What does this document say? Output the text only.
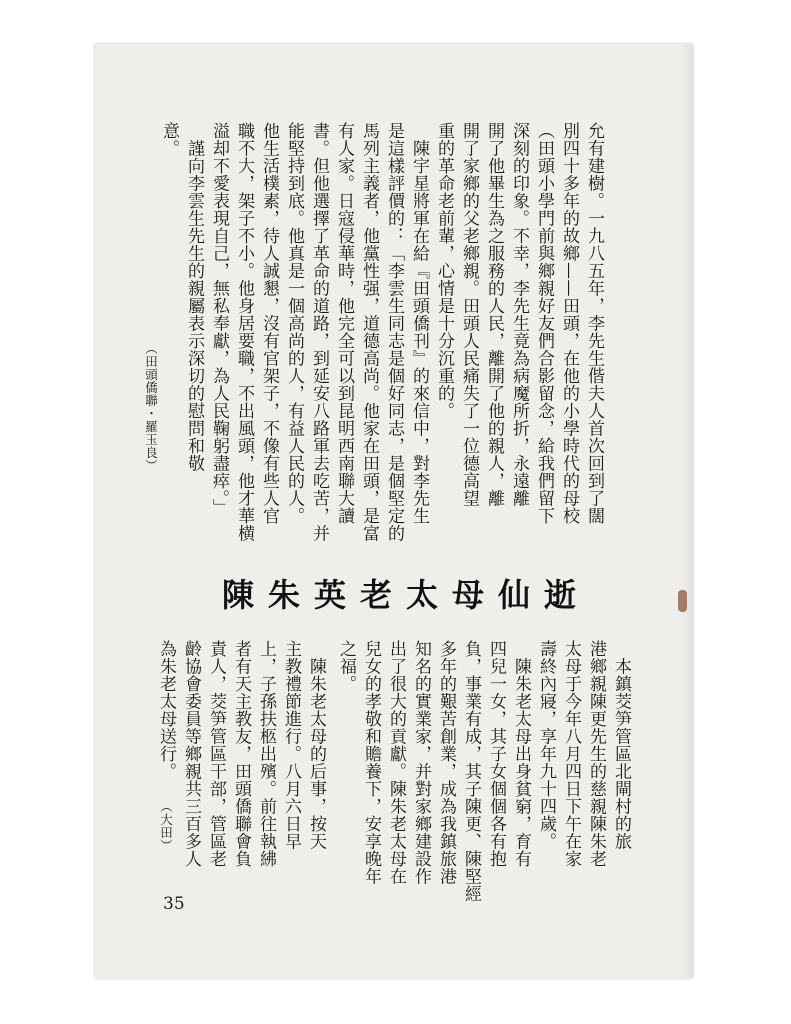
允有建樹。一九八五年，李先生偕夫人首次回到了闊
別四十多年的故鄉——田頭，在他的小學時代的母校
（田頭小學門前與鄉親好友們合影留念，給我們留下
深刻的印象。不幸，李先生竟為病魔所折，永遠離
開了他畢生為之服務的人民，離開了他的親人，離
開了家鄉的父老鄉親。田頭人民痛失了一位德高望
重的革命老前輩，心情是十分沉重的。
　陳宇星將軍在給『田頭僑刊』的來信中，對李先生
是這樣評價的：「李雲生同志是個好同志，是個堅定的
馬列主義者，他黨性强，道德高尚。他家在田頭，是富
有人家。日寇侵華時，他完全可以到昆明西南聯大讀
書。但他選擇了革命的道路，到延安八路軍去吃苦，并
能堅持到底。他真是一個高尚的人，有益人民的人。
他生活樸素，待人誠懇，沒有官架子，不像有些人官
職不大，架子不小。他身居要職，不出風頭，他才華横
溢却不愛表現自己，無私奉獻，為人民鞠躬盡瘁。」
　謹向李雲生先生的親屬表示深切的慰問和敬
意。
（田頭僑聯・羅玉良）
陳朱英老太母仙逝
　本鎮茭笋管區北閘村的旅
港鄉親陳更先生的慈親陳朱老
太母于今年八月四日下午在家
壽終內寢，享年九十四歲。
　陳朱老太母出身貧窮，育有
四兒一女，其子女個個各有抱
負，事業有成，其子陳更、陳堅經
多年的艱苦創業，成為我鎮旅港
知名的實業家，并對家鄉建設作
出了很大的貢獻。陳朱老太母在
兒女的孝敬和贍養下，安享晚年
之福。
　陳朱老太母的后事，按天
主教禮節進行。八月六日早
上，子孫扶柩出殯。前往執紼
者有天主教友，田頭僑聯會負
責人，茭笋管區干部，管區老
齡協會委員等鄉親共三百多人
為朱老太母送行。
（大田）
35
